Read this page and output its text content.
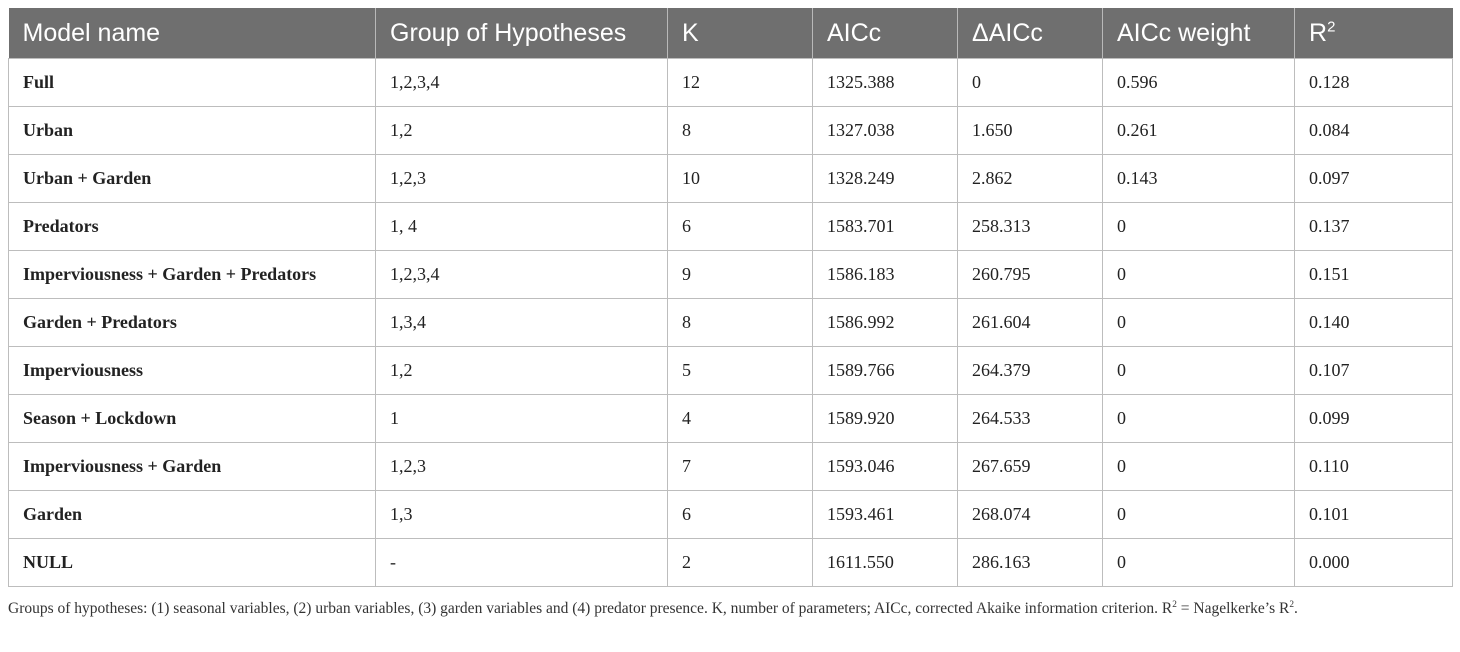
Model name	Group of Hypotheses	K	AICc	ΔAICc	AICc weight	$R^2$
Full	1,2,3,4	12	1325.388	0	0.596	0.128
Urban	1,2	8	1327.038	1.650	0.261	0.084
Urban + Garden	1,2,3	10	1328.249	2.862	0.143	0.097
Predators	1, 4	6	1583.701	258.313	0	0.137
Imperviousness + Garden + Predators	1,2,3,4	9	1586.183	260.795	0	0.151
Garden + Predators	1,3,4	8	1586.992	261.604	0	0.140
Imperviousness	1,2	5	1589.766	264.379	0	0.107
Season + Lockdown	1	4	1589.920	264.533	0	0.099
Imperviousness + Garden	1,2,3	7	1593.046	267.659	0	0.110
Garden	1,3	6	1593.461	268.074	0	0.101
NULL	-	2	1611.550	286.163	0	0.000
Groups of hypotheses: (1) seasonal variables, (2) urban variables, (3) garden variables and (4) predator presence. K, number of parameters; AICc, corrected Akaike information criterion. $R^2$ = Nagelkerke’s $R^2$.
